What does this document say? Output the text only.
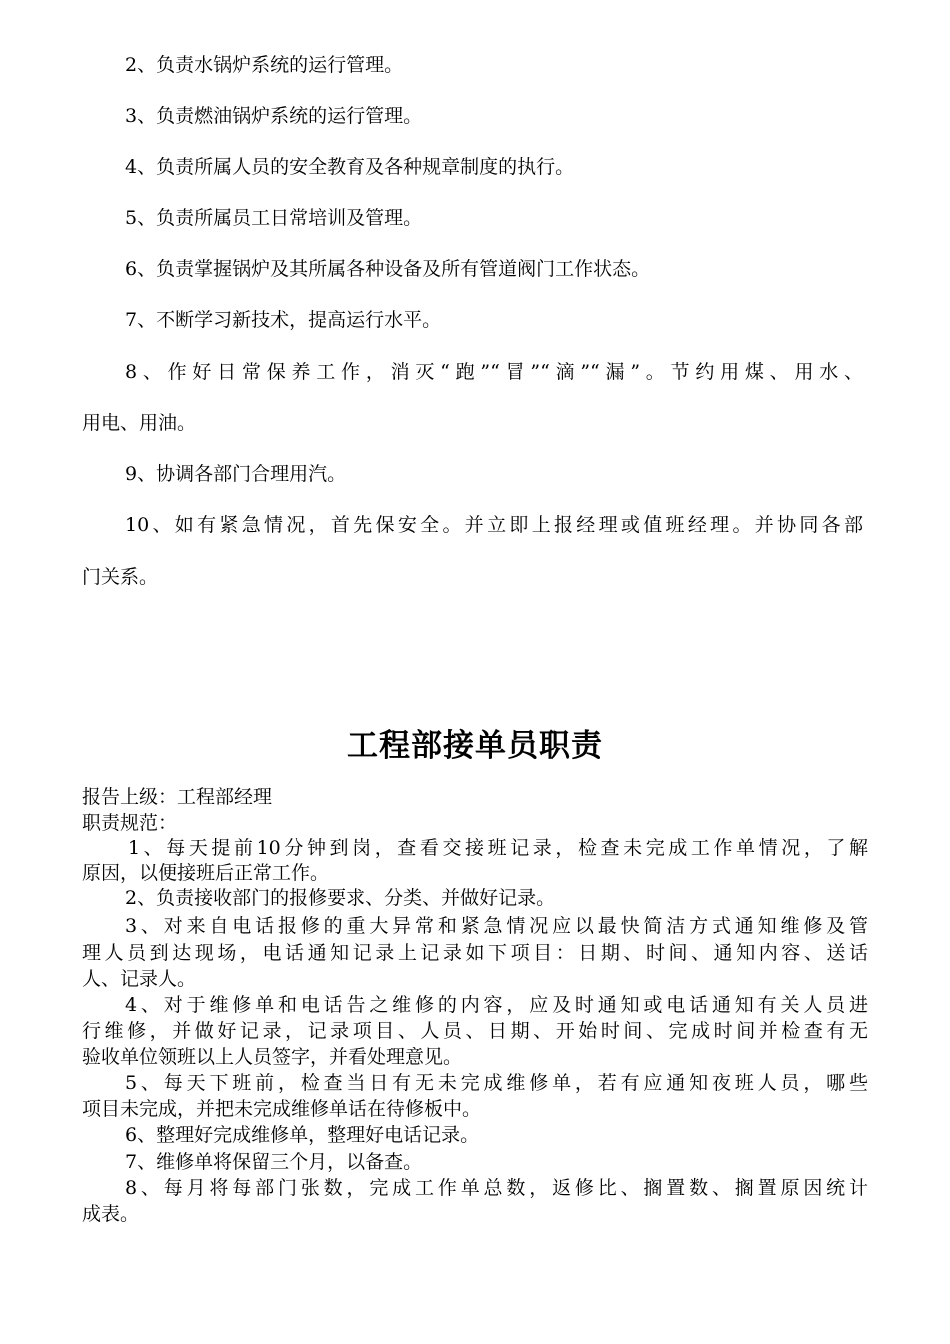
2、负责水锅炉系统的运行管理。
3、负责燃油锅炉系统的运行管理。
4、负责所属人员的安全教育及各种规章制度的执行。
5、负责所属员工日常培训及管理。
6、负责掌握锅炉及其所属各种设备及所有管道阀门工作状态。
7、不断学习新技术，提高运行水平。
8、作好日常保养工作，消灭“跑”“冒”“滴”“漏”。节约用煤、用水、
用电、用油。
9、协调各部门合理用汽。
10、如有紧急情况，首先保安全。并立即上报经理或值班经理。并协同各部
门关系。
工程部接单员职责
报告上级：工程部经理
职责规范：
1、每天提前10分钟到岗，查看交接班记录，检查未完成工作单情况，了解
原因，以便接班后正常工作。
2、负责接收部门的报修要求、分类、并做好记录。
3、对来自电话报修的重大异常和紧急情况应以最快简洁方式通知维修及管
理人员到达现场，电话通知记录上记录如下项目：日期、时间、通知内容、送话
人、记录人。
4、对于维修单和电话告之维修的内容，应及时通知或电话通知有关人员进
行维修，并做好记录，记录项目、人员、日期、开始时间、完成时间并检查有无
验收单位领班以上人员签字，并看处理意见。
5、每天下班前，检查当日有无未完成维修单，若有应通知夜班人员，哪些
项目未完成，并把未完成维修单话在待修板中。
6、整理好完成维修单，整理好电话记录。
7、维修单将保留三个月，以备查。
8、每月将每部门张数，完成工作单总数，返修比、搁置数、搁置原因统计
成表。
